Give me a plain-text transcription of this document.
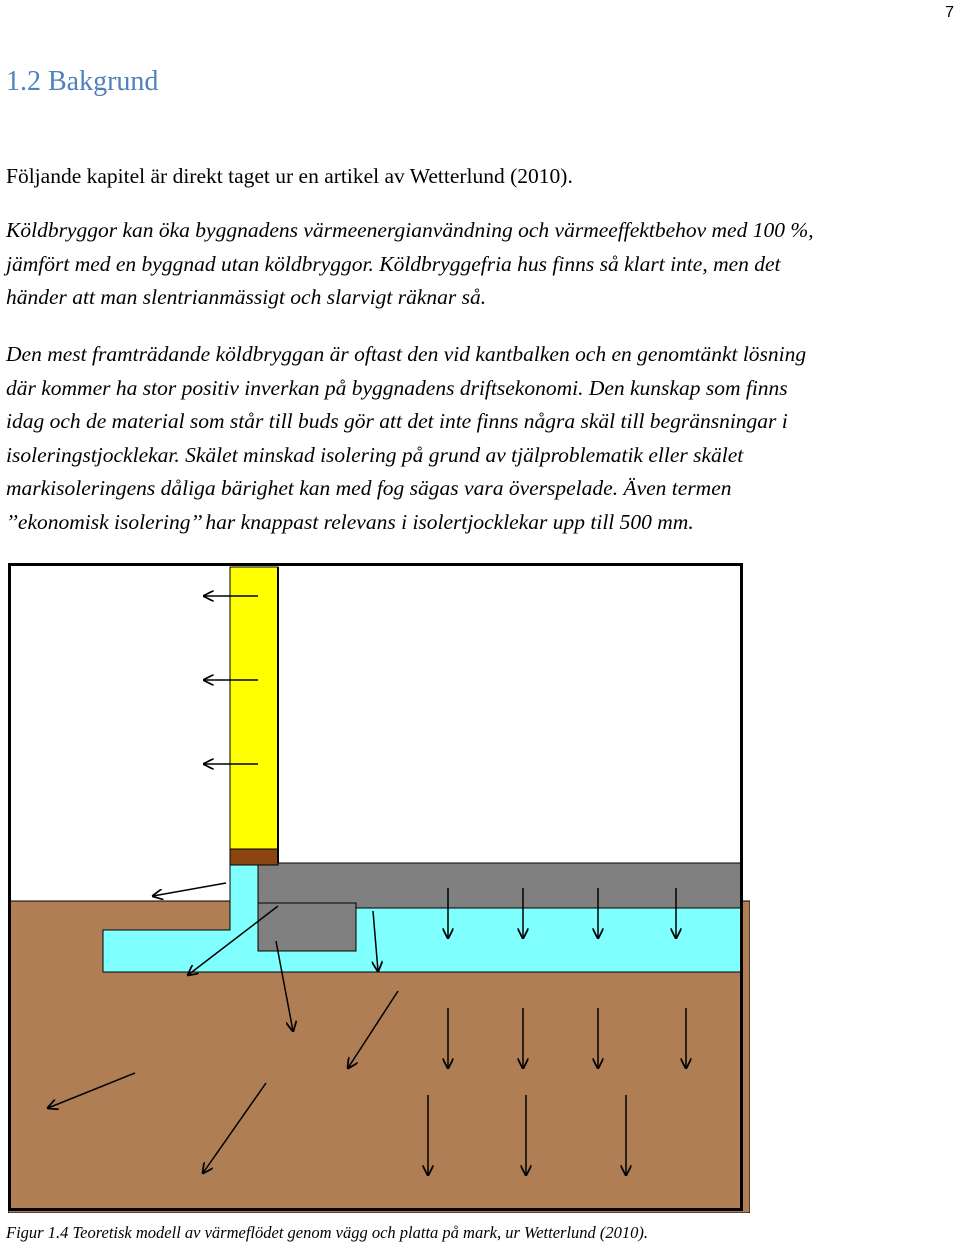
7
1.2 Bakgrund

Följande kapitel är direkt taget ur en artikel av Wetterlund (2010).

Köldbryggor kan öka byggnadens värmeenergianvändning och värmeeffektbehov med 100 %,
jämfört med en byggnad utan köldbryggor. Köldbryggefria hus finns så klart inte, men det
händer att man slentrianmässigt och slarvigt räknar så.
Den mest framträdande köldbryggan är oftast den vid kantbalken och en genomtänkt lösning
där kommer ha stor positiv inverkan på byggnadens driftsekonomi. Den kunskap som finns
idag och de material som står till buds gör att det inte finns några skäl till begränsningar i
isoleringstjocklekar. Skälet minskad isolering på grund av tjälproblematik eller skälet
markisoleringens dåliga bärighet kan med fog sägas vara överspelade. Även termen
’’ekonomisk isolering’’ har knappast relevans i isolertjocklekar upp till 500 mm.

Figur 1.4 Teoretisk modell av värmeflödet genom vägg och platta på mark, ur Wetterlund (2010).
